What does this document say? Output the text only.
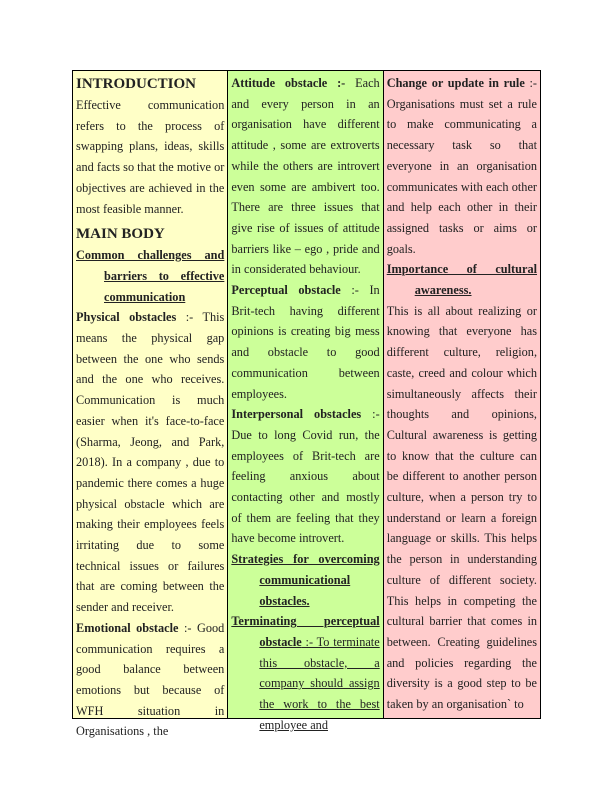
INTRODUCTION

Effective communication refers to the process of swapping plans, ideas, skills and facts so that the motive or objectives are achieved in the most feasible manner.

MAIN BODY

Common challenges and barriers to effective communication

Physical obstacles :- This means the physical gap between the one who sends and the one who receives. Communication is much easier when it's face-to-face (Sharma, Jeong, and Park, 2018). In a company , due to pandemic there comes a huge physical obstacle which are making their employees feels irritating due to some technical issues or failures that are coming between the sender and receiver.

Emotional obstacle :- Good communication requires a good balance between emotions but because of WFH situation in Organisations , the

Attitude obstacle :- Each and every person in an organisation have different attitude , some are extroverts while the others are introvert even some are ambivert too. There are three issues that give rise of issues of attitude barriers like – ego , pride and in considerated behaviour.

Perceptual obstacle :- In Brit-tech having different opinions is creating big mess and obstacle to good communication between employees.

Interpersonal obstacles :- Due to long Covid run, the employees of Brit-tech are feeling anxious about contacting other and mostly of them are feeling that they have become introvert.

Strategies for overcoming communicational obstacles.

Terminating perceptual obstacle :- To terminate this obstacle, a company should assign the work to the best employee and

Change or update in rule :- Organisations must set a rule to make communicating a necessary task so that everyone in an organisation communicates with each other and help each other in their assigned tasks or aims or goals.

Importance of cultural awareness.

This is all about realizing or knowing that everyone has different culture, religion, caste, creed and colour which simultaneously affects their thoughts and opinions, Cultural awareness is getting to know that the culture can be different to another person culture, when a person try to understand or learn a foreign language or skills. This helps the person in understanding culture of different society. This helps in competing the cultural barrier that comes in between. Creating guidelines and policies regarding the diversity is a good step to be taken by an organisation` to
